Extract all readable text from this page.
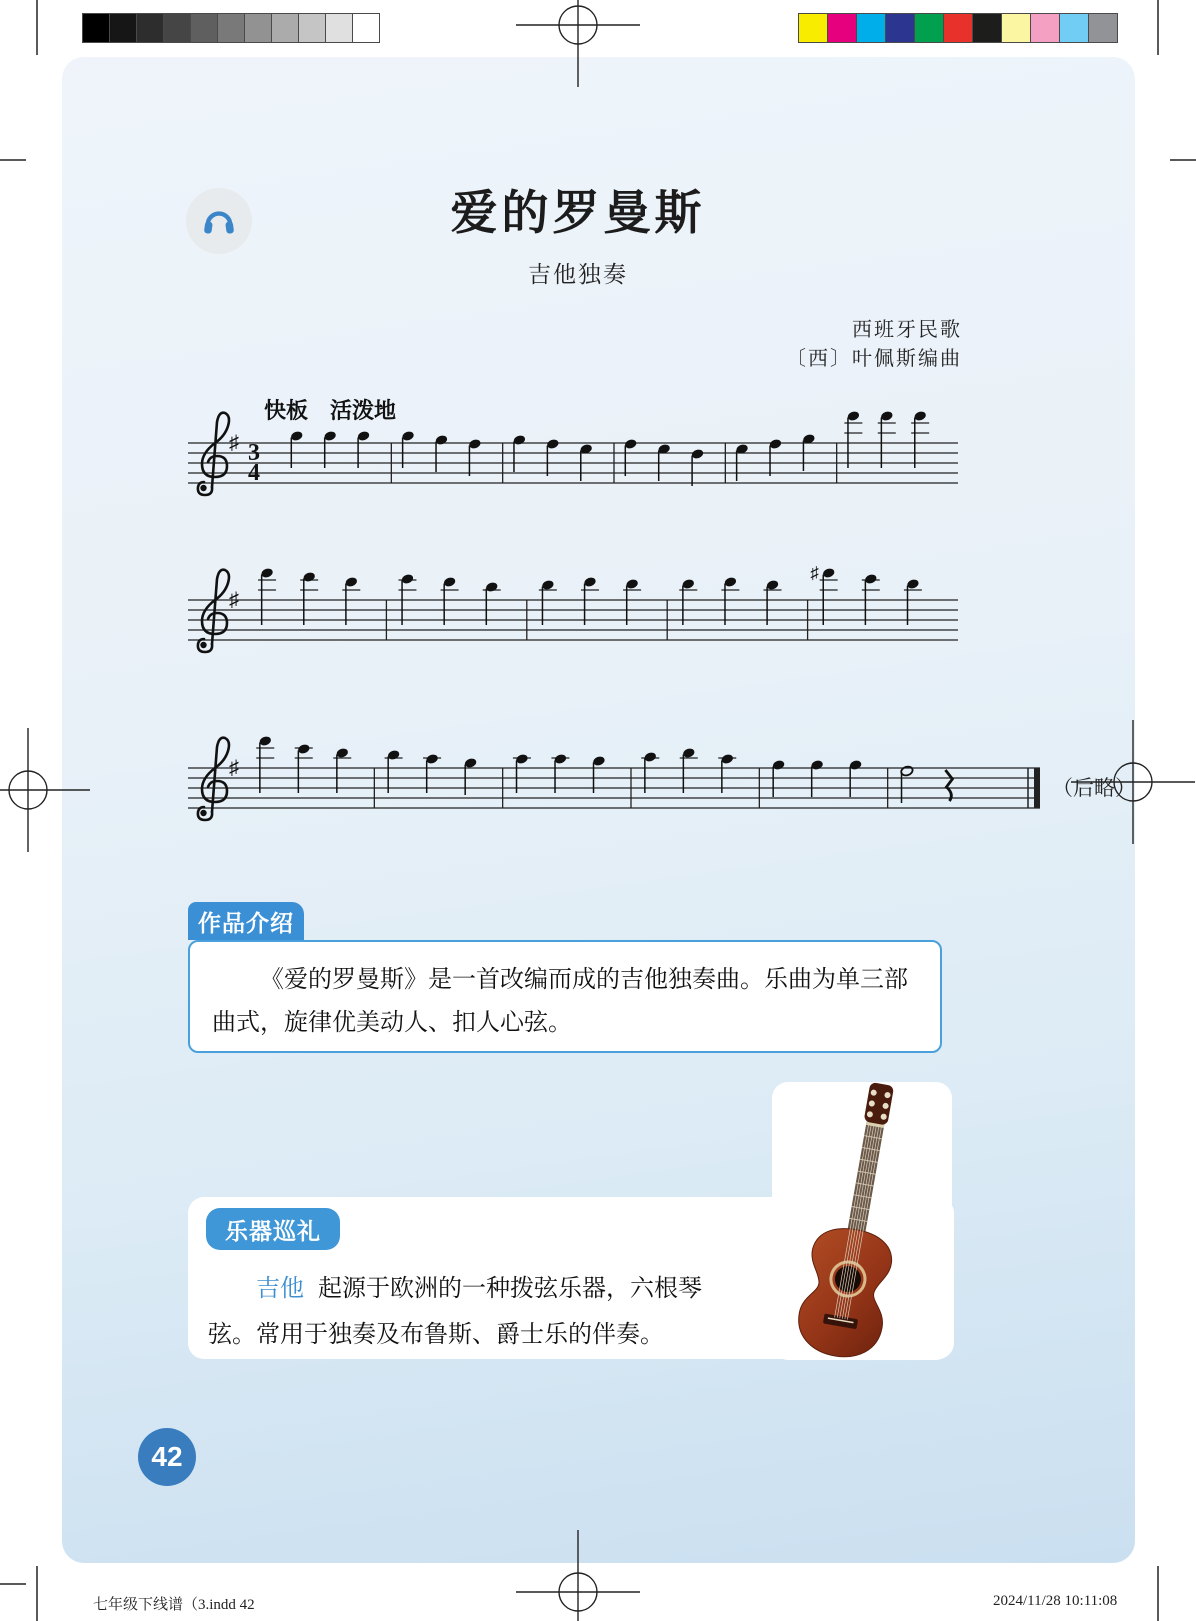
爱的罗曼斯
吉他独奏
西班牙民歌
〔西〕叶佩斯编曲
快板　活泼地
♯ 3
4
♯
♯
♯
（后略）
作品介绍

《爱的罗曼斯》是一首改编而成的吉他独奏曲。乐曲为单三部曲式，旋律优美动人、扣人心弦。

乐器巡礼
吉他 起源于欧洲的一种拨弦乐器，六根琴弦。常用于独奏及布鲁斯、爵士乐的伴奏。
42
七年级下线谱（3.indd 42	2024/11/28 10:11:08
